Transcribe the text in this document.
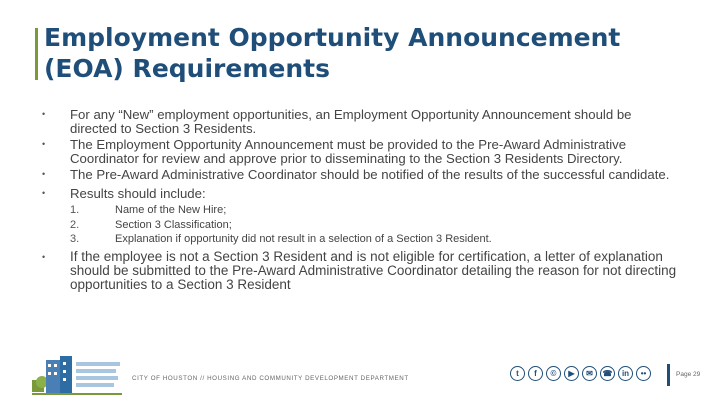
Employment Opportunity Announcement
(EOA) Requirements
• For any “New” employment opportunities, an Employment Opportunity Announcement should be directed to Section 3 Residents.

• The Employment Opportunity Announcement must be provided to the Pre-Award Administrative Coordinator for review and approve prior to disseminating to the Section 3 Residents Directory.

• The Pre-Award Administrative Coordinator should be notified of the results of the successful candidate.

• Results should include:

1.	Name of the New Hire;
2.	Section 3 Classification;
3.	Explanation if opportunity did not result in a selection of a Section 3 Resident.
• If the employee is not a Section 3 Resident and is not eligible for certification, a letter of explanation should be submitted to the Pre-Award Administrative Coordinator detailing the reason for not directing opportunities to a Section 3 Resident

CITY OF HOUSTON // HOUSING AND COMMUNITY DEVELOPMENT DEPARTMENT
t	f	©	▶	✉	☎	in	••	Page 29
